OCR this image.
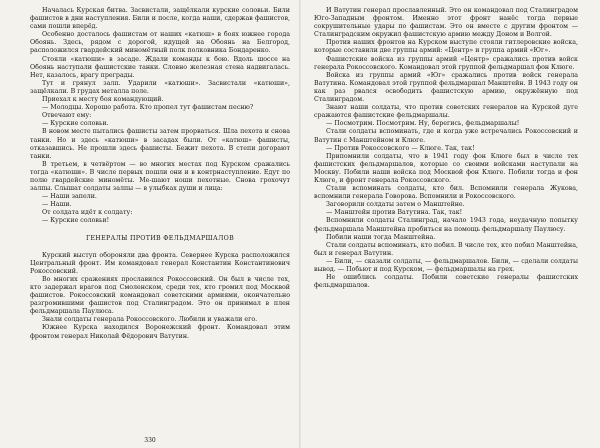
Началась Курская битва. Засвистали, защёлкали курские соловьи. Били фашистов в дни наступления. Били и после, когда наши, сдержав фашистов, сами пошли вперёд.

Особенно досталось фашистам от наших «катюш» в боях южнее города Обоянь. Здесь, рядом с дорогой, идущей на Обоянь на Белгород, расположился гвардейский миномётный полк полковника Бондаренко.

Стояли «катюши» в засаде. Ждали команды к бою. Вдоль шоссе на Обоянь наступали фашистские танки. Словно железная стена надвигалась. Нет, казалось, врагу преграды.

Тут и грянул залп. Ударили «катюши». Засвистали «катюши», защёлкали. В грудах металла поле.

Приехал к месту боя командующий.

— Молодцы. Хорошо работа. Кто пропел тут фашистам песню?

Отвечают ему:

— Курские соловьи.

В новом месте пытались фашисты затем прорваться. Шла пехота и снова танки. Но и здесь «катюши» в засадах были. От «катюш» фашисты, отказавшись. Не прошли здесь фашисты. Бежит пехота. В степи догорают танки.

В третьем, в четвёртом — во многих местах под Курском сражались тогда «катюши». В числе первых пошли они и в контрнаступление. Едут по полю гвардейские миномёты. Ме-шают ноши пехотные. Снова грохочут залпы. Слышат солдаты залпы — в улыбках души и лица:

— Наши запели.

— Наши.

От солдата идёт к солдату:

— Курские соловьи!

ГЕНЕРАЛЫ ПРОТИВ ФЕЛЬДМАРШАЛОВ

Курский выступ обороняли два фронта. Севернее Курска расположился Центральный фронт. Им командовал генерал Константин Константинович Рокоссовский.

Во многих сражениях прославился Рокоссовский. Он был в числе тех, кто задержал врагов под Смоленском, среди тех, кто громил под Москвой фашистов. Рокоссовский командовал советскими армиями, окончательно разгромившими фашистов под Сталинградом. Это он принимал в плен фельдмаршала Паулюса.

Знали солдаты генерала Рокоссовского. Любили и уважали его.

Южнее Курска находился Воронежский фронт. Командовал этим фронтом генерал Николай Фёдорович Ватутин.

330

И Ватутин генерал прославленный. Это он командовал под Сталинградом Юго-Западным фронтом. Именно этот фронт нанёс тогда первые сокрушительные удары по фашистам. Это он вместе с другим фронтом — Сталинградским окружил фашистскую армию между Доном и Волгой.

Против наших фронтов на Курском выступе стояли гитлеровские войска, которые составили две группы армий: «Центр» и группа армий «Юг».

Фашистские войска из группы армий «Центр» сражались против войск генерала Рокоссовского. Командовал этой группой фельдмаршал фон Клюге.

Войска из группы армий «Юг» сражались против войск генерала Ватутина. Командовал этой группой фельдмаршал Манштейн. В 1943 году он как раз рвался освободить фашистскую армию, окружённую под Сталинградом.

Знают наши солдаты, что против советских генералов на Курской дуге сражаются фашистские фельдмаршалы.

— Посмотрим. Посмотрим. Ну, берегись, фельдмаршалы!

Стали солдаты вспоминать, где и когда уже встречались Рокоссовский и Ватутин с Манштейном и Клюге.

— Против Рокоссовского — Клюге. Так, так!

Припомнили солдаты, что в 1941 году фон Клюге был в числе тех фашистских фельдмаршалов, которые со своими войсками наступали на Москву. Побили наши войска под Москвой фон Клюге. Побили тогда и фон Клюге, и фронт генерала Рокоссовского.

Стали вспоминать солдаты, кто бил. Вспомнили генерала Жукова, вспомнили генерала Говорова. Вспомнили и Рокоссовского.

Заговорили солдаты затем о Манштейне.

— Манштейн против Ватутина. Так, так!

Вспомнили солдаты Сталинград, начало 1943 года, неудачную попытку фельдмаршала Манштейна пробиться на помощь фельдмаршалу Паулюсу.

Побили наши тогда Манштейна.

Стали солдаты вспоминать, кто побил. В числе тех, кто побил Манштейна, был и генерал Ватутин.

— Били, — сказали солдаты, — фельдмаршалов. Били, — сделали солдаты вывод. — Побьют и под Курском, — фельдмаршалы на грех.

Не ошиблись солдаты. Побили советские генералы фашистских фельдмаршалов.
